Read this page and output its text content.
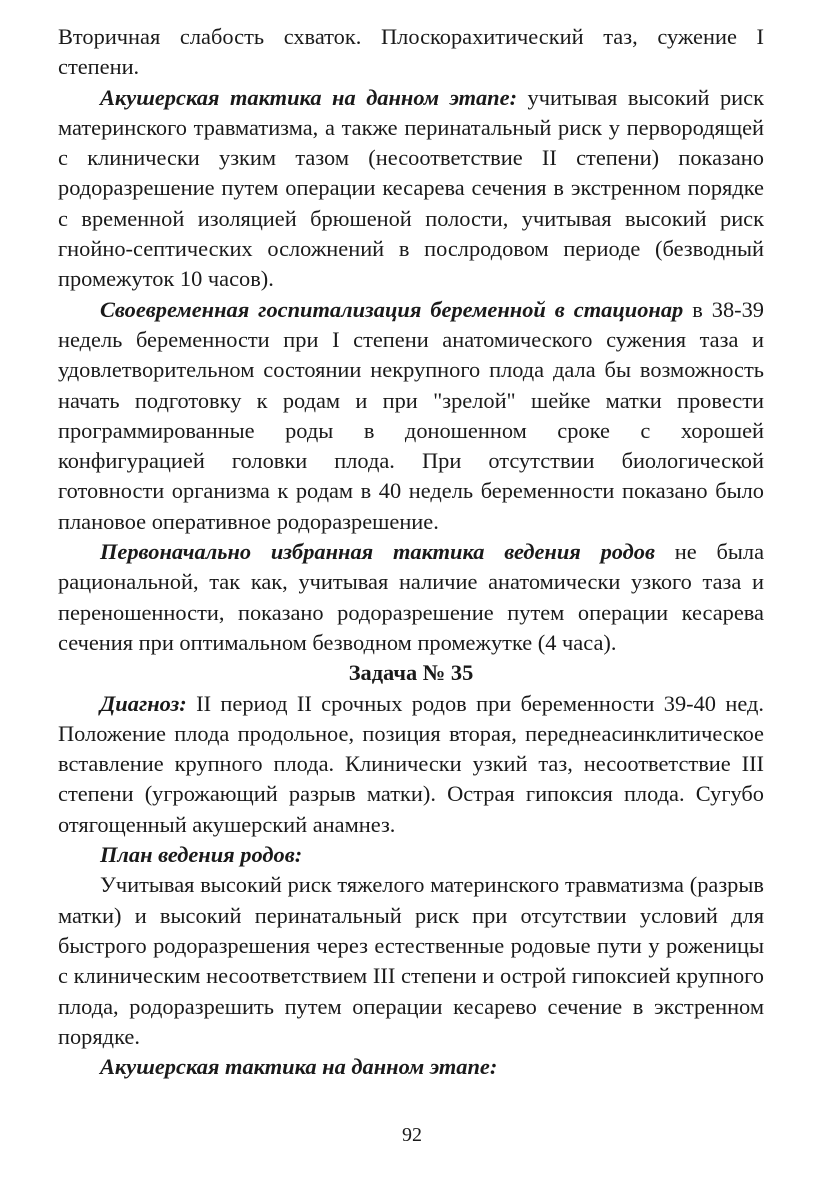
Вторичная слабость схваток. Плоскорахитический таз, сужение I степени.

Акушерская тактика на данном этапе: учитывая высокий риск материнского травматизма, а также перинатальный риск у первородящей с клинически узким тазом (несоответствие II степени) показано родоразрешение путем операции кесарева сечения в экстренном порядке с временной изоляцией брюшеной полости, учитывая высокий риск гнойно-септических осложнений в послродовом периоде (безводный промежуток 10 часов).

Своевременная госпитализация беременной в стационар в 38-39 недель беременности при I степени анатомического сужения таза и удовлетворительном состоянии некрупного плода дала бы возможность начать подготовку к родам и при "зрелой" шейке матки провести программированные роды в доношенном сроке с хорошей конфигурацией головки плода. При отсутствии биологической готовности организма к родам в 40 недель беременности показано было плановое оперативное родоразрешение.

Первоначально избранная тактика ведения родов не была рациональной, так как, учитывая наличие анатомически узкого таза и переношенности, показано родоразрешение путем операции кесарева сечения при оптимальном безводном промежутке (4 часа).

Задача № 35

Диагноз: II период II срочных родов при беременности 39-40 нед. Положение плода продольное, позиция вторая, переднеасинклитическое вставление крупного плода. Клинически узкий таз, несоответствие III степени (угрожающий разрыв матки). Острая гипоксия плода. Сугубо отягощенный акушерский анамнез.

План ведения родов:

Учитывая высокий риск тяжелого материнского травматизма (разрыв матки) и высокий перинатальный риск при отсутствии условий для быстрого родоразрешения через естественные родовые пути у роженицы с клиническим несоответствием III степени и острой гипоксией крупного плода, родоразрешить путем операции кесарево сечение в экстренном порядке.

Акушерская тактика на данном этапе:

92
